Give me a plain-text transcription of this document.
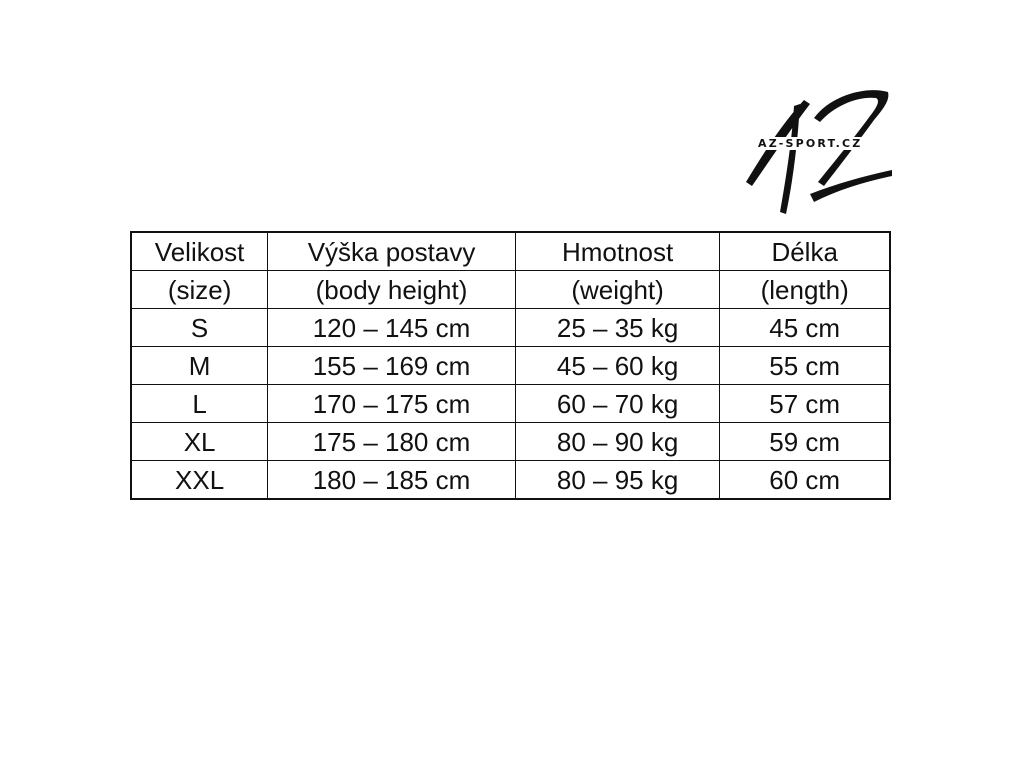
AZ-SPORT.CZ
Velikost	Výška postavy	Hmotnost	Délka
(size)	(body height)	(weight)	(length)
S	120 – 145 cm	25 – 35 kg	45 cm
M	155 – 169 cm	45 – 60 kg	55 cm
L	170 – 175 cm	60 – 70 kg	57 cm
XL	175 – 180 cm	80 – 90 kg	59 cm
XXL	180 – 185 cm	80 – 95 kg	60 cm
